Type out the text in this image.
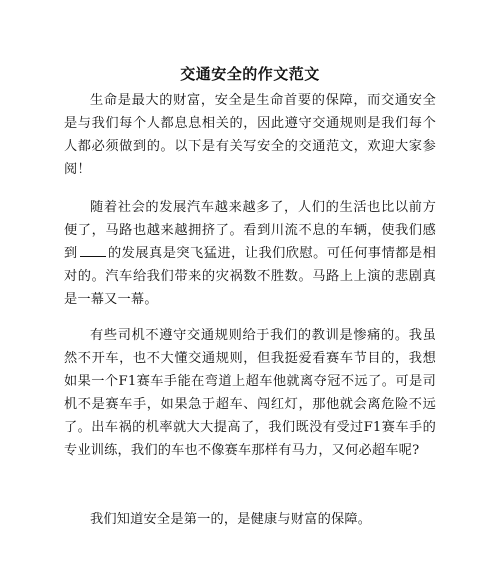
交通安全的作文范文

生命是最大的财富，安全是生命首要的保障，而交通安全是与我们每个人都息息相关的，因此遵守交通规则是我们每个人都必须做到的。以下是有关写安全的交通范文，欢迎大家参阅！

随着社会的发展汽车越来越多了，人们的生活也比以前方便了，马路也越来越拥挤了。看到川流不息的车辆，使我们感到 的发展真是突飞猛进，让我们欣慰。可任何事情都是相对的。汽车给我们带来的灾祸数不胜数。马路上上演的悲剧真是一幕又一幕。

有些司机不遵守交通规则给于我们的教训是惨痛的。我虽然不开车，也不大懂交通规则，但我挺爱看赛车节目的，我想如果一个F1赛车手能在弯道上超车他就离夺冠不远了。可是司机不是赛车手，如果急于超车、闯红灯，那他就会离危险不远了。出车祸的机率就大大提高了，我们既没有受过F1赛车手的专业训练，我们的车也不像赛车那样有马力，又何必超车呢?

我们知道安全是第一的，是健康与财富的保障。
